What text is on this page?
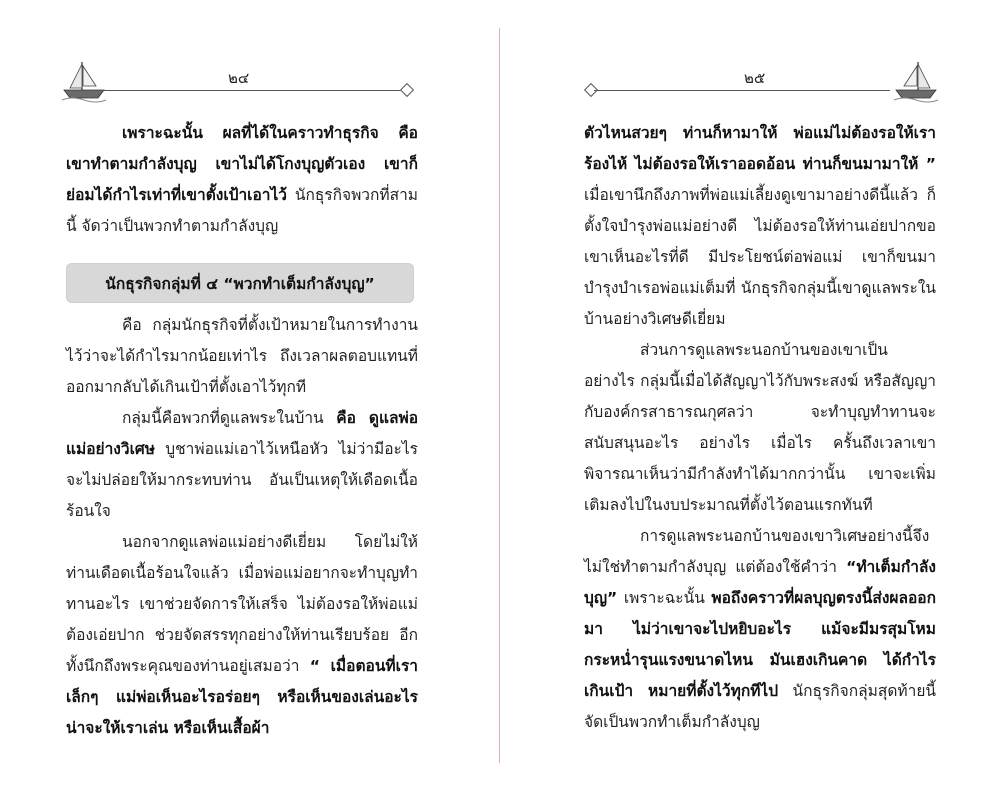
๒๔

เพราะฉะนั้น ผลที่ได้ในคราวทำธุรกิจ คือ เขาทำตามกำลังบุญ เขาไม่ได้โกงบุญตัวเอง เขาก็ย่อมได้กำไรเท่าที่เขาตั้งเป้าเอาไว้ นักธุรกิจพวกที่สาม นี้ จัดว่าเป็นพวกทำตามกำลังบุญ

นักธุรกิจกลุ่มที่ ๔ “พวกทำเต็มกำลังบุญ”

คือ กลุ่มนักธุรกิจที่ตั้งเป้าหมายในการทำงานไว้ว่าจะได้กำไรมากน้อยเท่าไร ถึงเวลาผลตอบแทนที่ออกมากลับได้เกินเป้าที่ตั้งเอาไว้ทุกที

กลุ่มนี้คือพวกที่ดูแลพระในบ้าน คือ ดูแลพ่อแม่อย่างวิเศษ บูชาพ่อแม่เอาไว้เหนือหัว ไม่ว่ามีอะไร จะไม่ปล่อยให้มากระทบท่าน อันเป็นเหตุให้เดือดเนื้อร้อนใจ

นอกจากดูแลพ่อแม่อย่างดีเยี่ยม โดยไม่ให้ท่านเดือดเนื้อร้อนใจแล้ว เมื่อพ่อแม่อยากจะทำบุญทำทานอะไร เขาช่วยจัดการให้เสร็จ ไม่ต้องรอให้พ่อแม่ต้องเอ่ยปาก ช่วยจัดสรรทุกอย่างให้ท่านเรียบร้อย อีกทั้งนึกถึงพระคุณของท่านอยู่เสมอว่า “ เมื่อตอนที่เราเล็กๆ แม่พ่อเห็นอะไรอร่อยๆ หรือเห็นของเล่นอะไร น่าจะให้เราเล่น หรือเห็นเสื้อผ้า

๒๕

ตัวไหนสวยๆ ท่านก็หามาให้ พ่อแม่ไม่ต้องรอให้เราร้องไห้ ไม่ต้องรอให้เราออดอ้อน ท่านก็ขนมามาให้ ” เมื่อเขานึกถึงภาพที่พ่อแม่เลี้ยงดูเขามาอย่างดีนี้แล้ว ก็ตั้งใจบำรุงพ่อแม่อย่างดี ไม่ต้องรอให้ท่านเอ่ยปากขอ เขาเห็นอะไรที่ดี มีประโยชน์ต่อพ่อแม่ เขาก็ขนมาบำรุงบำเรอพ่อแม่เต็มที่ นักธุรกิจกลุ่มนี้เขาดูแลพระในบ้านอย่างวิเศษดีเยี่ยม

ส่วนการดูแลพระนอกบ้านของเขาเป็นอย่างไร กลุ่มนี้เมื่อได้สัญญาไว้กับพระสงฆ์ หรือสัญญากับองค์กรสาธารณกุศลว่า จะทำบุญทำทานจะสนับสนุนอะไร อย่างไร เมื่อไร ครั้นถึงเวลาเขาพิจารณาเห็นว่ามีกำลังทำได้มากกว่านั้น เขาจะเพิ่มเติมลงไปในงบประมาณที่ตั้งไว้ตอนแรกทันที

การดูแลพระนอกบ้านของเขาวิเศษอย่างนี้จึงไม่ใช่ทำตามกำลังบุญ แต่ต้องใช้คำว่า “ทำเต็มกำลังบุญ” เพราะฉะนั้น พอถึงคราวที่ผลบุญตรงนี้ส่งผลออกมา ไม่ว่าเขาจะไปหยิบอะไร แม้จะมีมรสุมโหมกระหน่ำรุนแรงขนาดไหน มันเฮงเกินคาด ได้กำไรเกินเป้า หมายที่ตั้งไว้ทุกทีไป นักธุรกิจกลุ่มสุดท้ายนี้ จัดเป็นพวกทำเต็มกำลังบุญ
